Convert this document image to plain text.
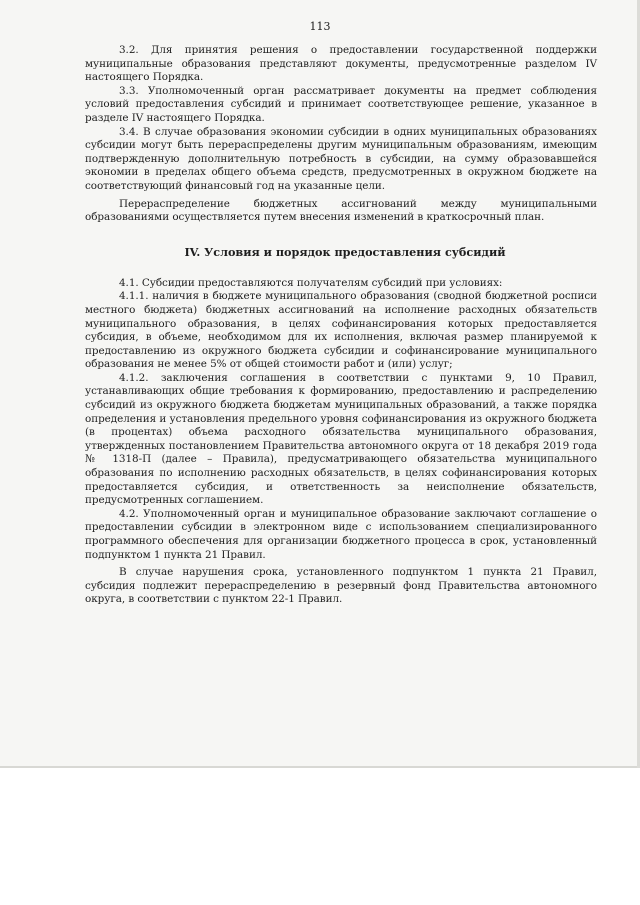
113

3.2. Для принятия решения о предоставлении государственной поддержки муниципальные образования представляют документы, предусмотренные разделом IV настоящего Порядка.

3.3. Уполномоченный орган рассматривает документы на предмет соблюдения условий предоставления субсидий и принимает соответствующее решение, указанное в разделе IV настоящего Порядка.

3.4. В случае образования экономии субсидии в одних муниципальных образованиях субсидии могут быть перераспределены другим муниципальным образованиям, имеющим подтвержденную дополнительную потребность в субсидии, на сумму образовавшейся экономии в пределах общего объема средств, предусмотренных в окружном бюджете на соответствующий финансовый год на указанные цели.

Перераспределение бюджетных ассигнований между муниципальными образованиями осуществляется путем внесения изменений в краткосрочный план.

IV. Условия и порядок предоставления субсидий

4.1. Субсидии предоставляются получателям субсидий при условиях:

4.1.1. наличия в бюджете муниципального образования (сводной бюджетной росписи местного бюджета) бюджетных ассигнований на исполнение расходных обязательств муниципального образования, в целях софинансирования которых предоставляется субсидия, в объеме, необходимом для их исполнения, включая размер планируемой к предоставлению из окружного бюджета субсидии и софинансирование муниципального образования не менее 5% от общей стоимости работ и (или) услуг;

4.1.2. заключения соглашения в соответствии с пунктами 9, 10 Правил, устанавливающих общие требования к формированию, предоставлению и распределению субсидий из окружного бюджета бюджетам муниципальных образований, а также порядка определения и установления предельного уровня софинансирования из окружного бюджета (в процентах) объема расходного обязательства муниципального образования, утвержденных постановлением Правительства автономного округа от 18 декабря 2019 года № 1318-П (далее – Правила), предусматривающего обязательства муниципального образования по исполнению расходных обязательств, в целях софинансирования которых предоставляется субсидия, и ответственность за неисполнение обязательств, предусмотренных соглашением.

4.2. Уполномоченный орган и муниципальное образование заключают соглашение о предоставлении субсидии в электронном виде с использованием специализированного программного обеспечения для организации бюджетного процесса в срок, установленный подпунктом 1 пункта 21 Правил.

В случае нарушения срока, установленного подпунктом 1 пункта 21 Правил, субсидия подлежит перераспределению в резервный фонд Правительства автономного округа, в соответствии с пунктом 22-1 Правил.
